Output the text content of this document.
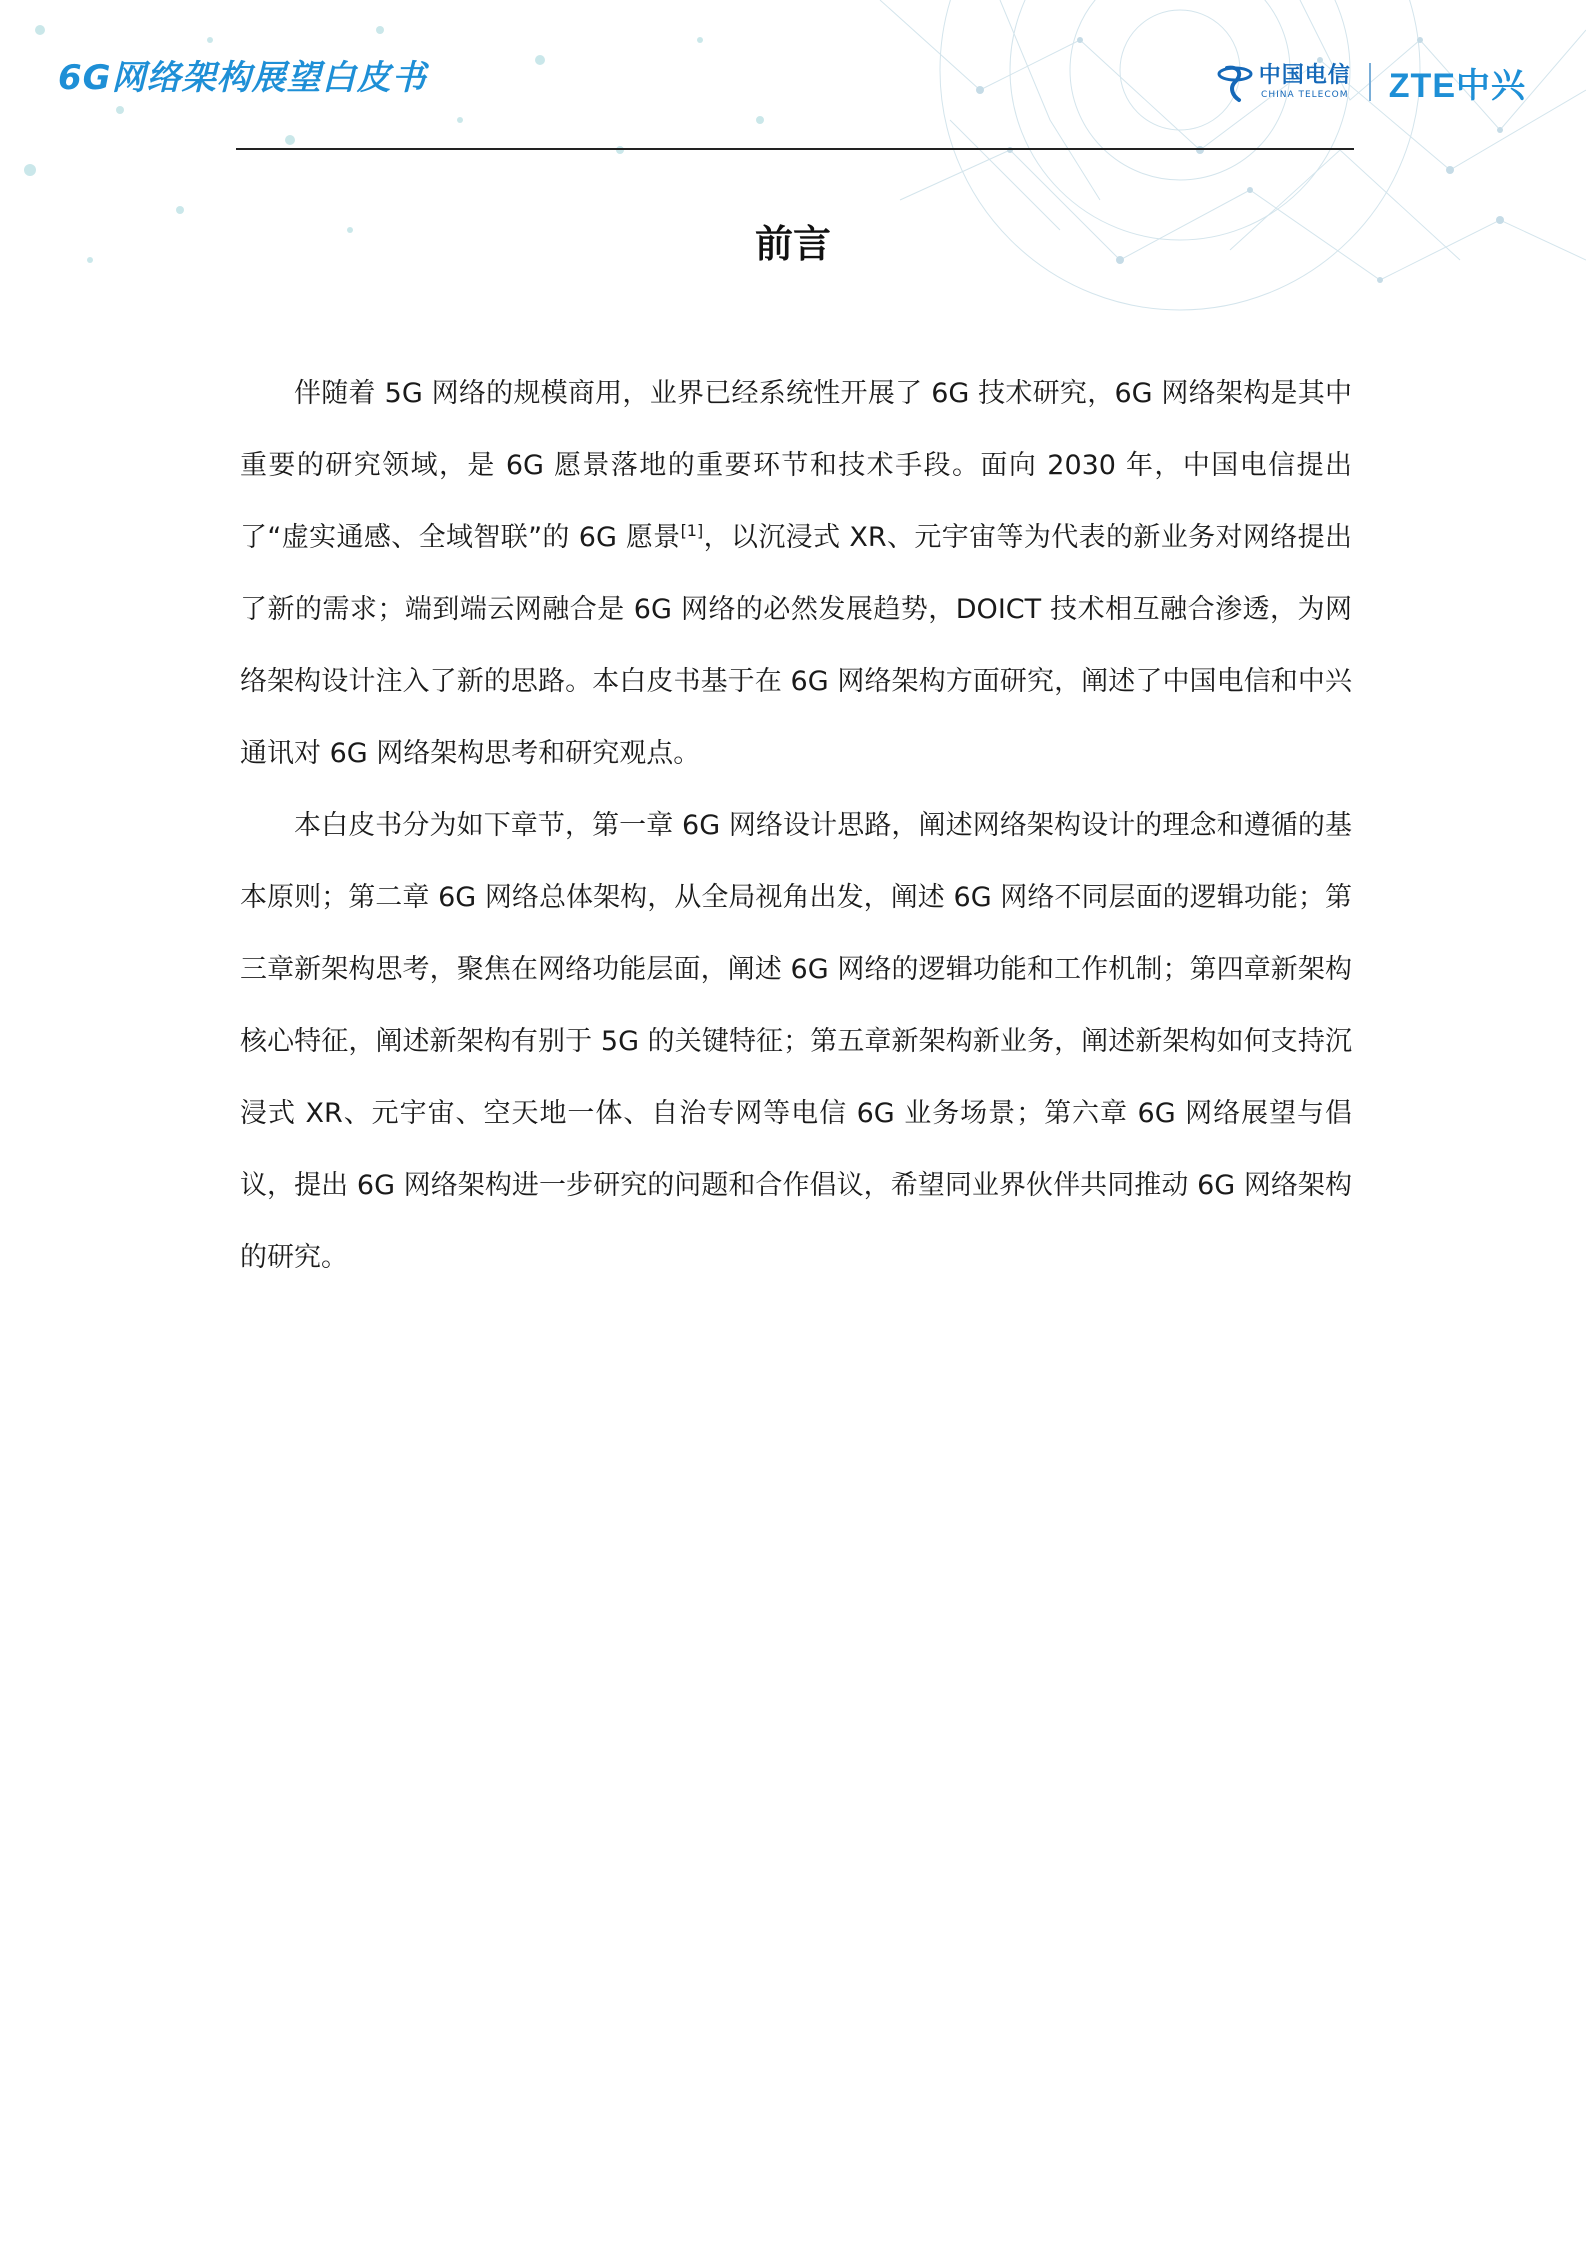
6G网络架构展望白皮书	中国电信
CHINA TELECOM ZTE中兴
前言

伴随着 5G 网络的规模商用，业界已经系统性开展了 6G 技术研究，6G 网络架构是其中重要的研究领域，是 6G 愿景落地的重要环节和技术手段。面向 2030 年，中国电信提出了“虚实通感、全域智联”的 6G 愿景[1]，以沉浸式 XR、元宇宙等为代表的新业务对网络提出了新的需求；端到端云网融合是 6G 网络的必然发展趋势，DOICT 技术相互融合渗透，为网络架构设计注入了新的思路。本白皮书基于在 6G 网络架构方面研究，阐述了中国电信和中兴通讯对 6G 网络架构思考和研究观点。

本白皮书分为如下章节，第一章 6G 网络设计思路，阐述网络架构设计的理念和遵循的基本原则；第二章 6G 网络总体架构，从全局视角出发，阐述 6G 网络不同层面的逻辑功能；第三章新架构思考，聚焦在网络功能层面，阐述 6G 网络的逻辑功能和工作机制；第四章新架构核心特征，阐述新架构有别于 5G 的关键特征；第五章新架构新业务，阐述新架构如何支持沉浸式 XR、元宇宙、空天地一体、自治专网等电信 6G 业务场景；第六章 6G 网络展望与倡议，提出 6G 网络架构进一步研究的问题和合作倡议，希望同业界伙伴共同推动 6G 网络架构的研究。
